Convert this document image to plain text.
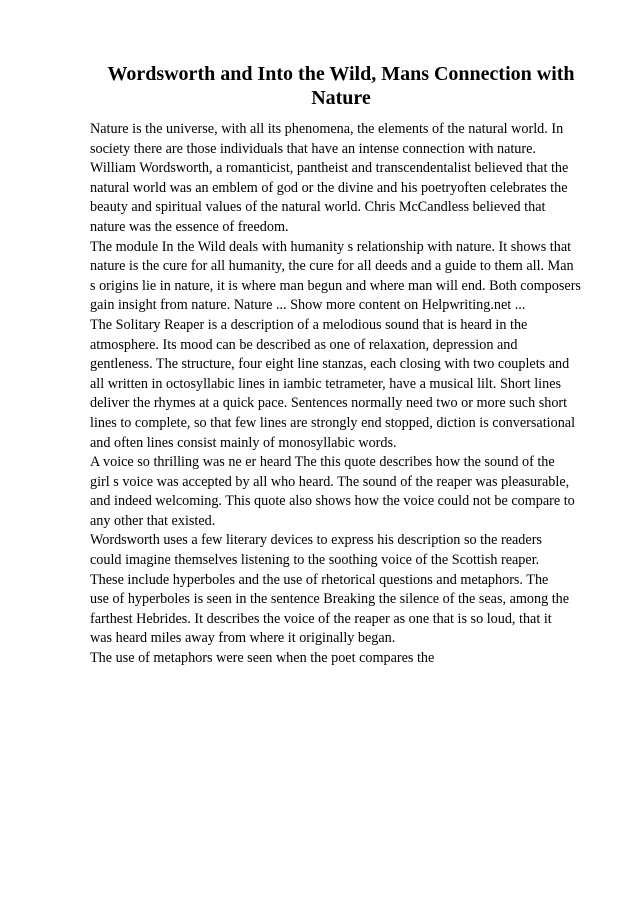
Wordsworth and Into the Wild, Mans Connection with Nature
Nature is the universe, with all its phenomena, the elements of the natural world. In
society there are those individuals that have an intense connection with nature.
William Wordsworth, a romanticist, pantheist and transcendentalist believed that the
natural world was an emblem of god or the divine and his poetryoften celebrates the
beauty and spiritual values of the natural world. Chris McCandless believed that
nature was the essence of freedom.
The module In the Wild deals with humanity s relationship with nature. It shows that
nature is the cure for all humanity, the cure for all deeds and a guide to them all. Man
s origins lie in nature, it is where man begun and where man will end. Both composers
gain insight from nature. Nature ... Show more content on Helpwriting.net ...
The Solitary Reaper is a description of a melodious sound that is heard in the
atmosphere. Its mood can be described as one of relaxation, depression and
gentleness. The structure, four eight line stanzas, each closing with two couplets and
all written in octosyllabic lines in iambic tetrameter, have a musical lilt. Short lines
deliver the rhymes at a quick pace. Sentences normally need two or more such short
lines to complete, so that few lines are strongly end stopped, diction is conversational
and often lines consist mainly of monosyllabic words.
A voice so thrilling was ne er heard The this quote describes how the sound of the
girl s voice was accepted by all who heard. The sound of the reaper was pleasurable,
and indeed welcoming. This quote also shows how the voice could not be compare to
any other that existed.
Wordsworth uses a few literary devices to express his description so the readers
could imagine themselves listening to the soothing voice of the Scottish reaper.
These include hyperboles and the use of rhetorical questions and metaphors. The
use of hyperboles is seen in the sentence Breaking the silence of the seas, among the
farthest Hebrides. It describes the voice of the reaper as one that is so loud, that it
was heard miles away from where it originally began.
The use of metaphors were seen when the poet compares the
